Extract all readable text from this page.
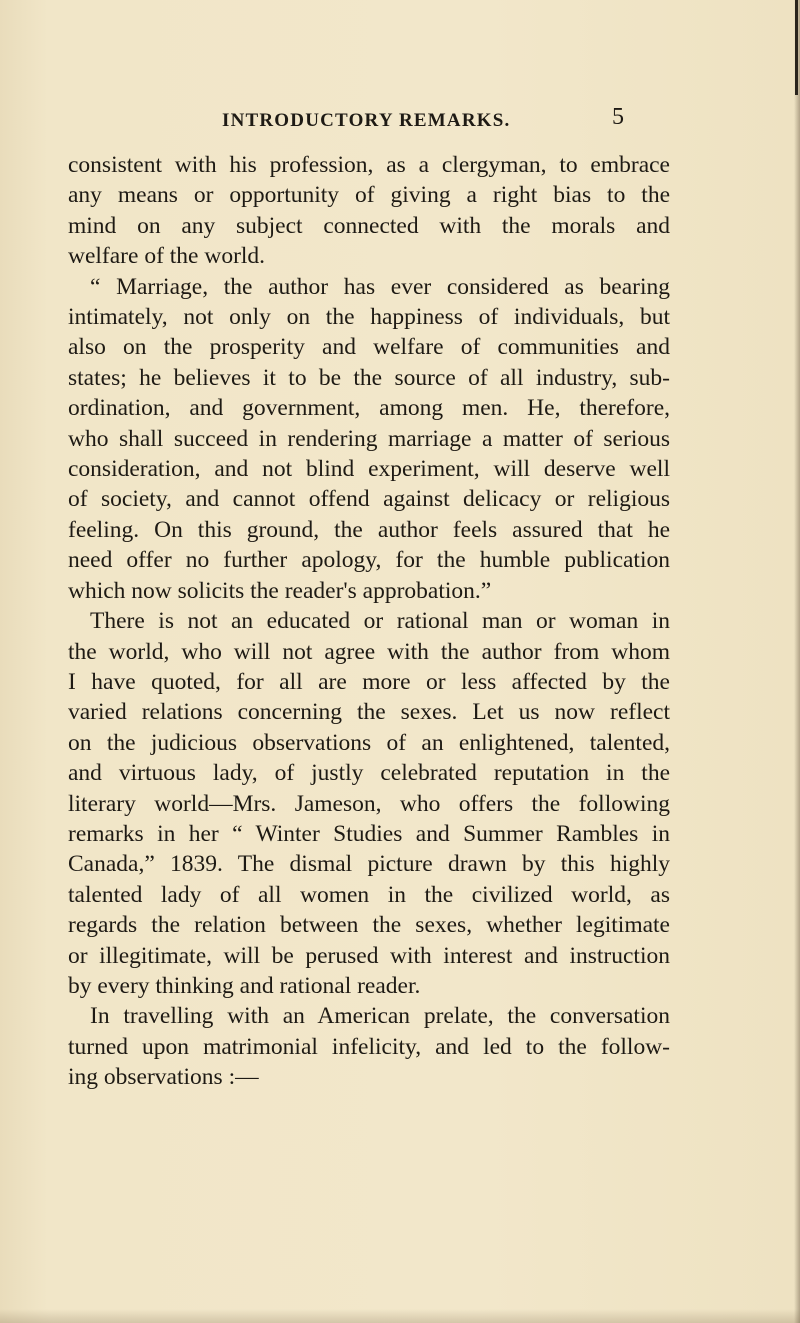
INTRODUCTORY REMARKS.	5
consistent with his profession, as a clergyman, to embrace
any means or opportunity of giving a right bias to the
mind on any subject connected with the morals and
welfare of the world.
“ Marriage, the author has ever considered as bearing
intimately, not only on the happiness of individuals, but
also on the prosperity and welfare of communities and
states; he believes it to be the source of all industry, sub-
ordination, and government, among men. He, therefore,
who shall succeed in rendering marriage a matter of serious
consideration, and not blind experiment, will deserve well
of society, and cannot offend against delicacy or religious
feeling. On this ground, the author feels assured that he
need offer no further apology, for the humble publication
which now solicits the reader's approbation.”
There is not an educated or rational man or woman in
the world, who will not agree with the author from whom
I have quoted, for all are more or less affected by the
varied relations concerning the sexes. Let us now reflect
on the judicious observations of an enlightened, talented,
and virtuous lady, of justly celebrated reputation in the
literary world—Mrs. Jameson, who offers the following
remarks in her “ Winter Studies and Summer Rambles in
Canada,” 1839. The dismal picture drawn by this highly
talented lady of all women in the civilized world, as
regards the relation between the sexes, whether legitimate
or illegitimate, will be perused with interest and instruction
by every thinking and rational reader.
In travelling with an American prelate, the conversation
turned upon matrimonial infelicity, and led to the follow-
ing observations :—
